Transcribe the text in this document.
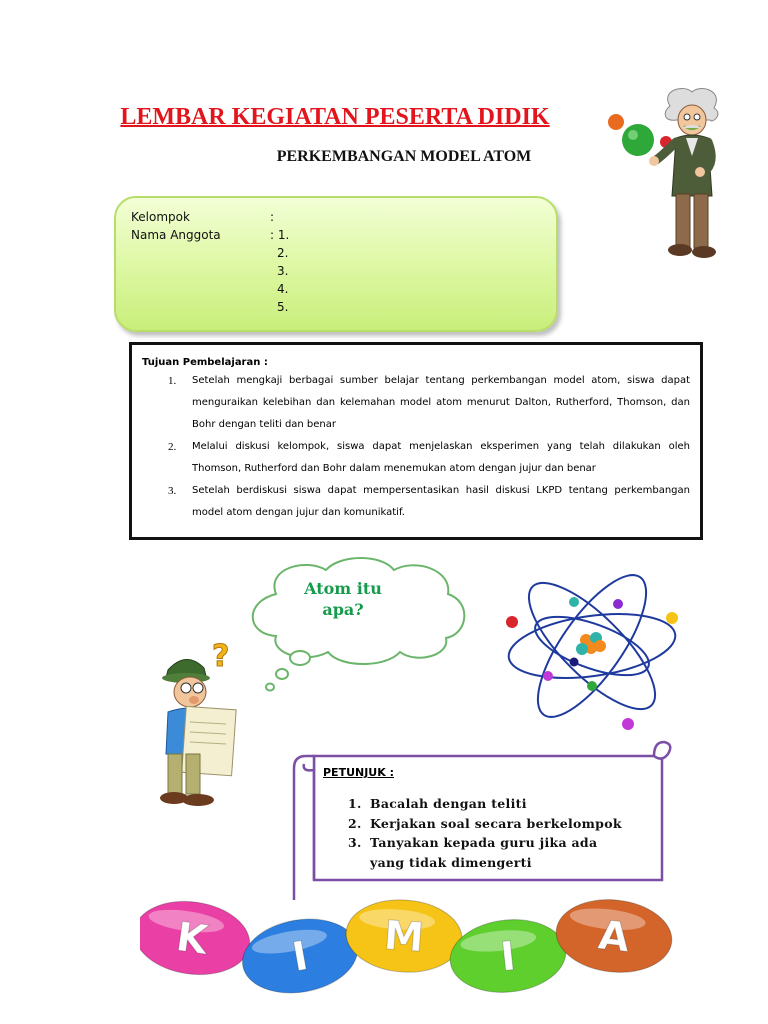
LEMBAR KEGIATAN PESERTA DIDIK
PERKEMBANGAN MODEL ATOM
Kelompok	:
Nama Anggota	: 1.
2.
3.
4.
5.
Tujuan Pembelajaran :
1. Setelah mengkaji berbagai sumber belajar tentang perkembangan model atom, siswa dapat menguraikan kelebihan dan kelemahan model atom menurut Dalton, Rutherford, Thomson, dan Bohr dengan teliti dan benar
2. Melalui diskusi kelompok, siswa dapat menjelaskan eksperimen yang telah dilakukan oleh Thomson, Rutherford dan Bohr dalam menemukan atom dengan jujur dan benar
3. Setelah berdiskusi siswa dapat mempersentasikan hasil diskusi LKPD tentang perkembangan model atom dengan jujur dan komunikatif.
Atom itu
apa?
?
PETUNJUK :
1. Bacalah dengan teliti
2. Kerjakan soal secara berkelompok
3. Tanyakan kepada guru jika ada
yang tidak dimengerti
K I M I A
